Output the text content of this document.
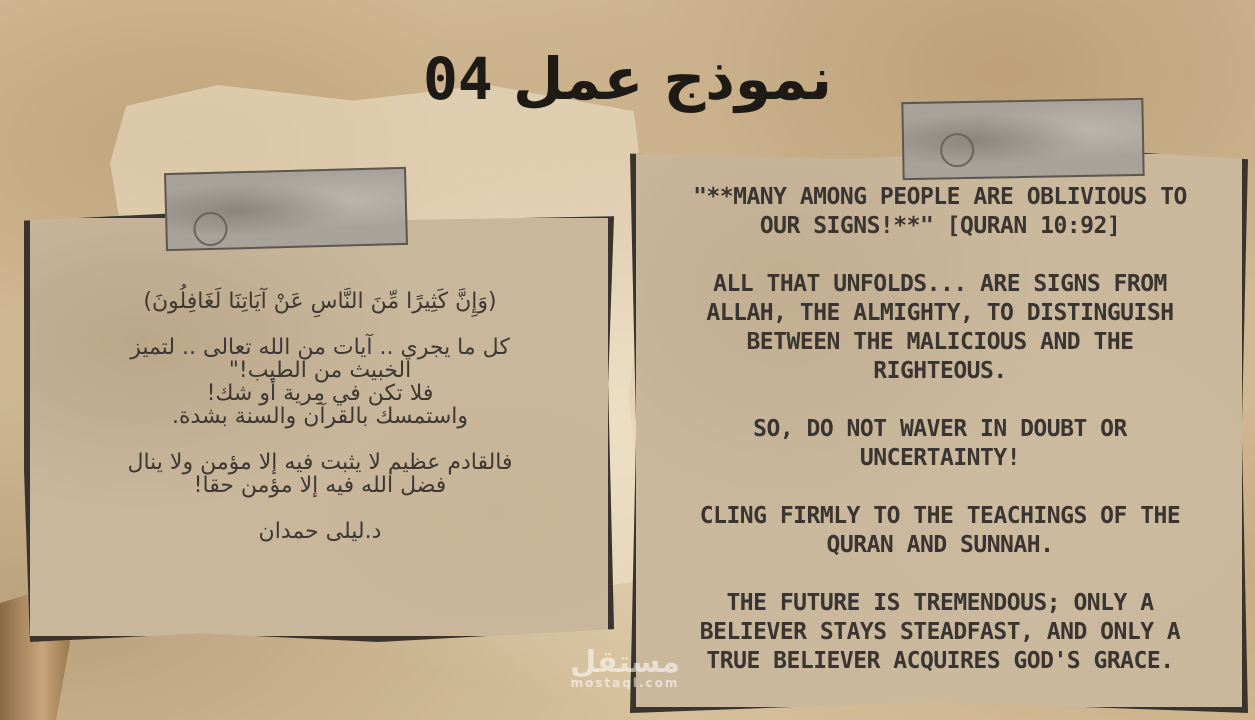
نموذج عمل 04

(وَإِنَّ كَثِيرًا مِّنَ النَّاسِ عَنْ آيَاتِنَا لَغَافِلُونَ)

كل ما يجري .. آيات من الله تعالى .. لتميز
الخبيث من الطيب!"
فلا تكن في مِرية أو شك!
واستمسك بالقرآن والسنة بشدة.

فالقادم عظيم لا يثبت فيه إلا مؤمن ولا ينال
فضل الله فيه إلا مؤمن حقا!

د.ليلى حمدان

"**MANY AMONG PEOPLE ARE OBLIVIOUS TO
OUR SIGNS!**" [QURAN 10:92]

ALL THAT UNFOLDS... ARE SIGNS FROM
ALLAH, THE ALMIGHTY, TO DISTINGUISH
BETWEEN THE MALICIOUS AND THE
RIGHTEOUS.

SO, DO NOT WAVER IN DOUBT OR
UNCERTAINTY!

CLING FIRMLY TO THE TEACHINGS OF THE
QURAN AND SUNNAH.

THE FUTURE IS TREMENDOUS; ONLY A
BELIEVER STAYS STEADFAST, AND ONLY A
TRUE BELIEVER ACQUIRES GOD'S GRACE.

مستقل
mostaql.com
